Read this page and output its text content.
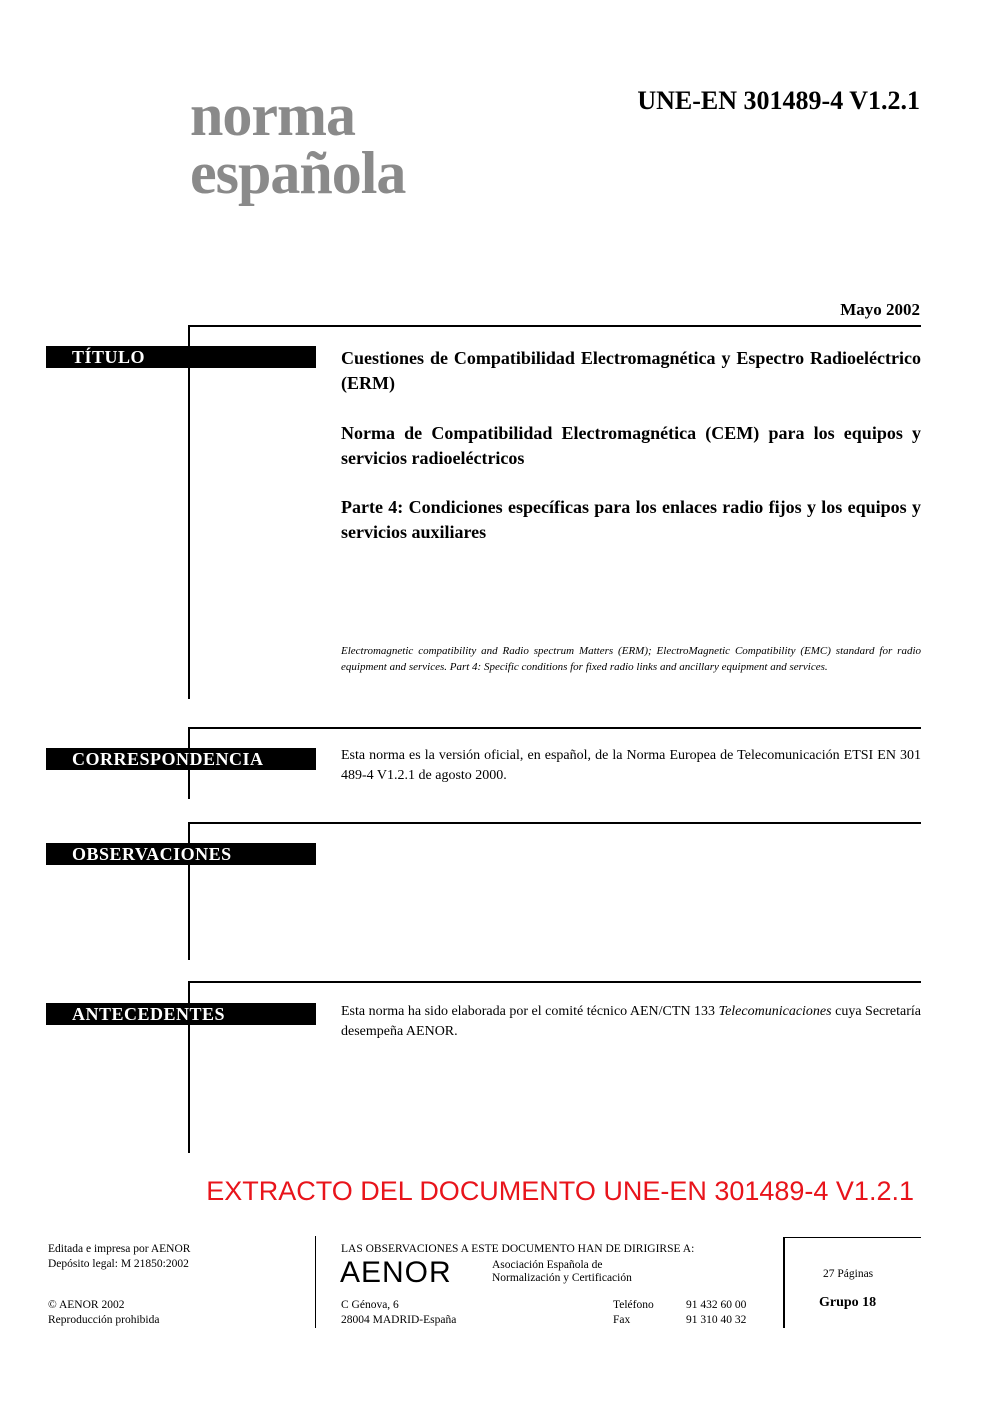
norma
española
UNE-EN 301489-4 V1.2.1
Mayo 2002
TÍTULO	Cuestiones de Compatibilidad Electromagnética y Espectro Radioeléctrico (ERM)
Norma de Compatibilidad Electromagnética (CEM) para los equipos y servicios radioeléctricos
Parte 4: Condiciones específicas para los enlaces radio fijos y los equipos y servicios auxiliares
Electromagnetic compatibility and Radio spectrum Matters (ERM); ElectroMagnetic Compatibility (EMC) standard for radio equipment and services. Part 4: Specific conditions for fixed radio links and ancillary equipment and services.
CORRESPONDENCIA	Esta norma es la versión oficial, en español, de la Norma Europea de Telecomunicación ETSI EN 301 489-4 V1.2.1 de agosto 2000.
OBSERVACIONES
ANTECEDENTES	Esta norma ha sido elaborada por el comité técnico AEN/CTN 133 Telecomunicaciones cuya Secretaría desempeña AENOR.
EXTRACTO DEL DOCUMENTO UNE-EN 301489-4 V1.2.1
Editada e impresa por AENOR
Depósito legal: M 21850:2002
© AENOR 2002
Reproducción prohibida
LAS OBSERVACIONES A ESTE DOCUMENTO HAN DE DIRIGIRSE A:
AENOR	Asociación Española de
Normalización y Certificación
C Génova, 6
28004 MADRID-España
Teléfono	91 432 60 00
Fax	91 310 40 32
27 Páginas
Grupo 18
